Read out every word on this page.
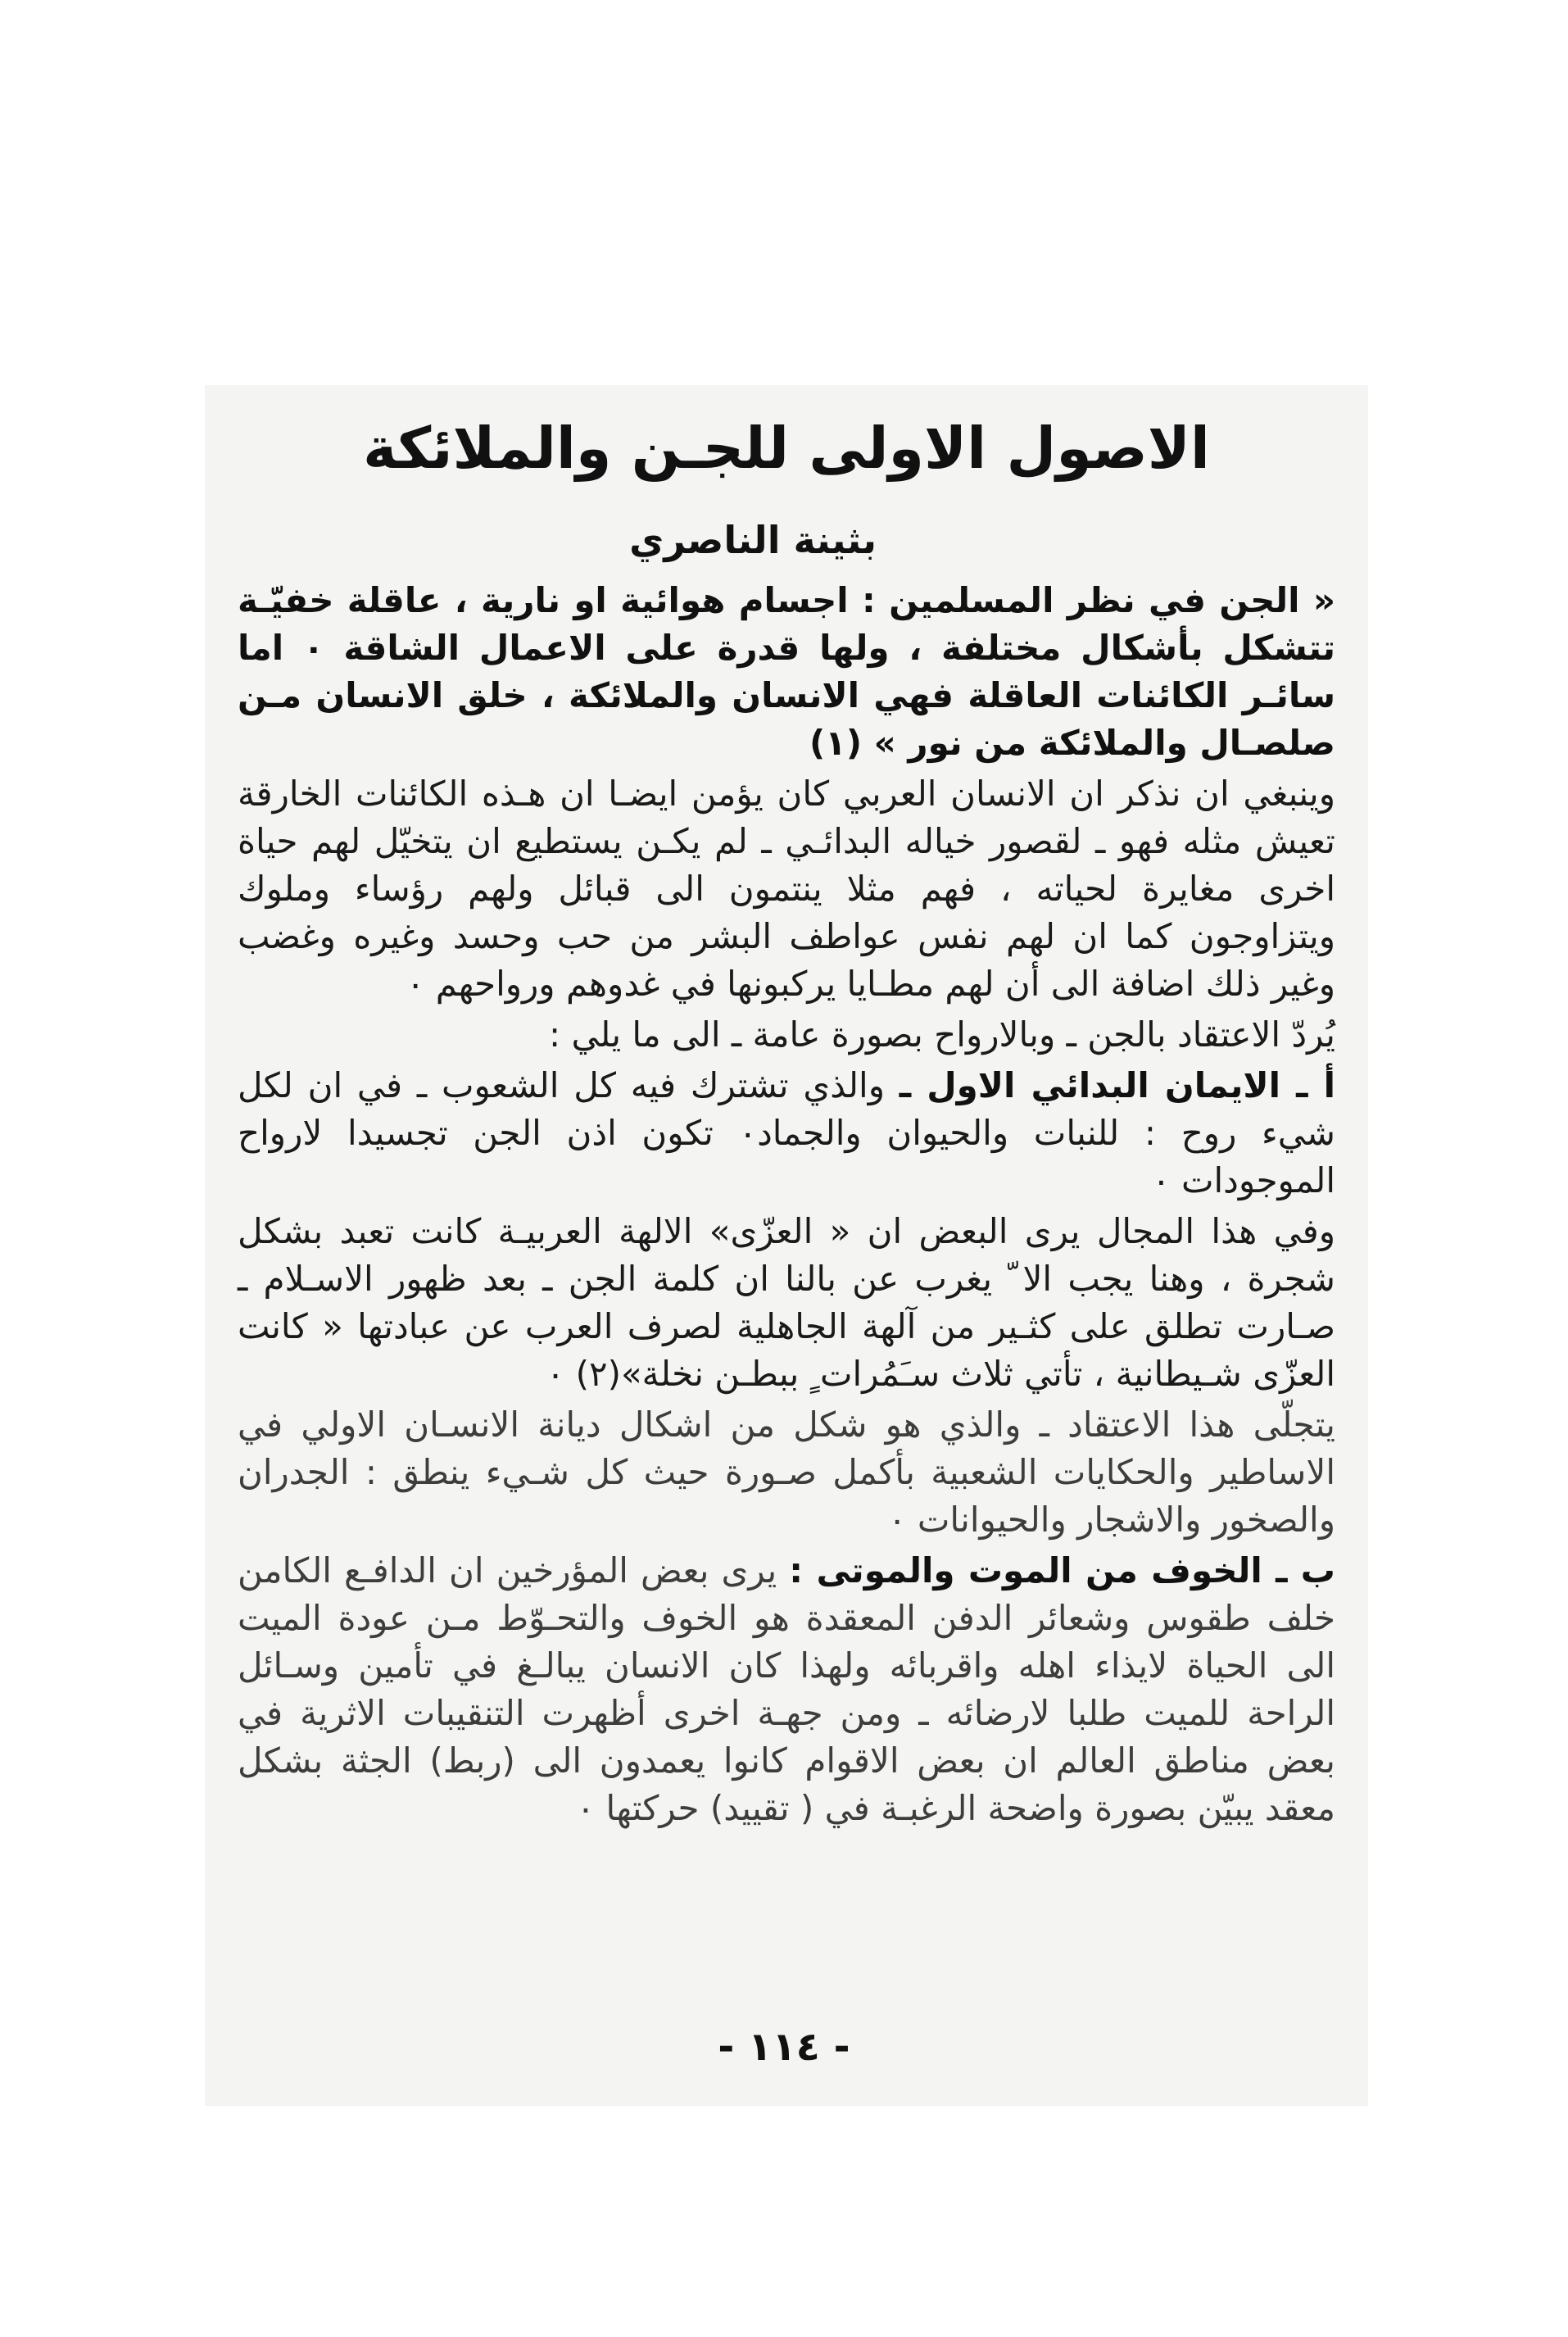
الاصول الاولى للجـن والملائكة
بثينة الناصري

« الجن في نظر المسلمين : اجسام هوائية او نارية ، عاقلة خفيّـة تتشكل بأشكال مختلفة ، ولها قدرة على الاعمال الشاقة ٠ اما سائـر الكائنات العاقلة فهي الانسان والملائكة ، خلق الانسان مـن صلصـال والملائكة من نور » (١)

وينبغي ان نذكر ان الانسان العربي كان يؤمن ايضـا ان هـذه الكائنات الخارقة تعيش مثله فهو ـ لقصور خياله البدائـي ـ لم يكـن يستطيع ان يتخيّل لهم حياة اخرى مغايرة لحياته ، فهم مثلا ينتمون الى قبائل ولهم رؤساء وملوك ويتزاوجون كما ان لهم نفس عواطف البشر من حب وحسد وغيره وغضب وغير ذلك اضافة الى أن لهم مطـايا يركبونها في غدوهم ورواحهم ٠

يُردّ الاعتقاد بالجن ـ وبالارواح بصورة عامة ـ الى ما يلي :

أ ـ الايمان البدائي الاول ـ والذي تشترك فيه كل الشعوب ـ في ان لكل شيء روح : للنبات والحيوان والجماد٠ تكون اذن الجن تجسيدا لارواح الموجودات ٠

وفي هذا المجال يرى البعض ان « العزّى» الالهة العربيـة كانت تعبد بشكل شجرة ، وهنا يجب الا ّ يغرب عن بالنا ان كلمة الجن ـ بعد ظهور الاسـلام ـ صـارت تطلق على كثـير من آلهة الجاهلية لصرف العرب عن عبادتها « كانت العزّى شـيطانية ، تأتي ثلاث سـَمُرات ٍ ببطـن نخلة»(٢) ٠

يتجلّى هذا الاعتقاد ـ والذي هو شكل من اشكال ديانة الانسـان الاولي في الاساطير والحكايات الشعبية بأكمل صـورة حيث كل شـيء ينطق : الجدران والصخور والاشجار والحيوانات ٠

ب ـ الخوف من الموت والموتى : يرى بعض المؤرخين ان الدافـع الكامن خلف طقوس وشعائر الدفن المعقدة هو الخوف والتحـوّط مـن عودة الميت الى الحياة لايذاء اهله واقربائه ولهذا كان الانسان يبالـغ في تأمين وسـائل الراحة للميت طلبا لارضائه ـ ومن جهـة اخرى أظهرت التنقيبات الاثرية في بعض مناطق العالم ان بعض الاقوام كانوا يعمدون الى (ربط) الجثة بشكل معقد يبيّن بصورة واضحة الرغبـة في ( تقييد) حركتها ٠

- ١١٤ -
